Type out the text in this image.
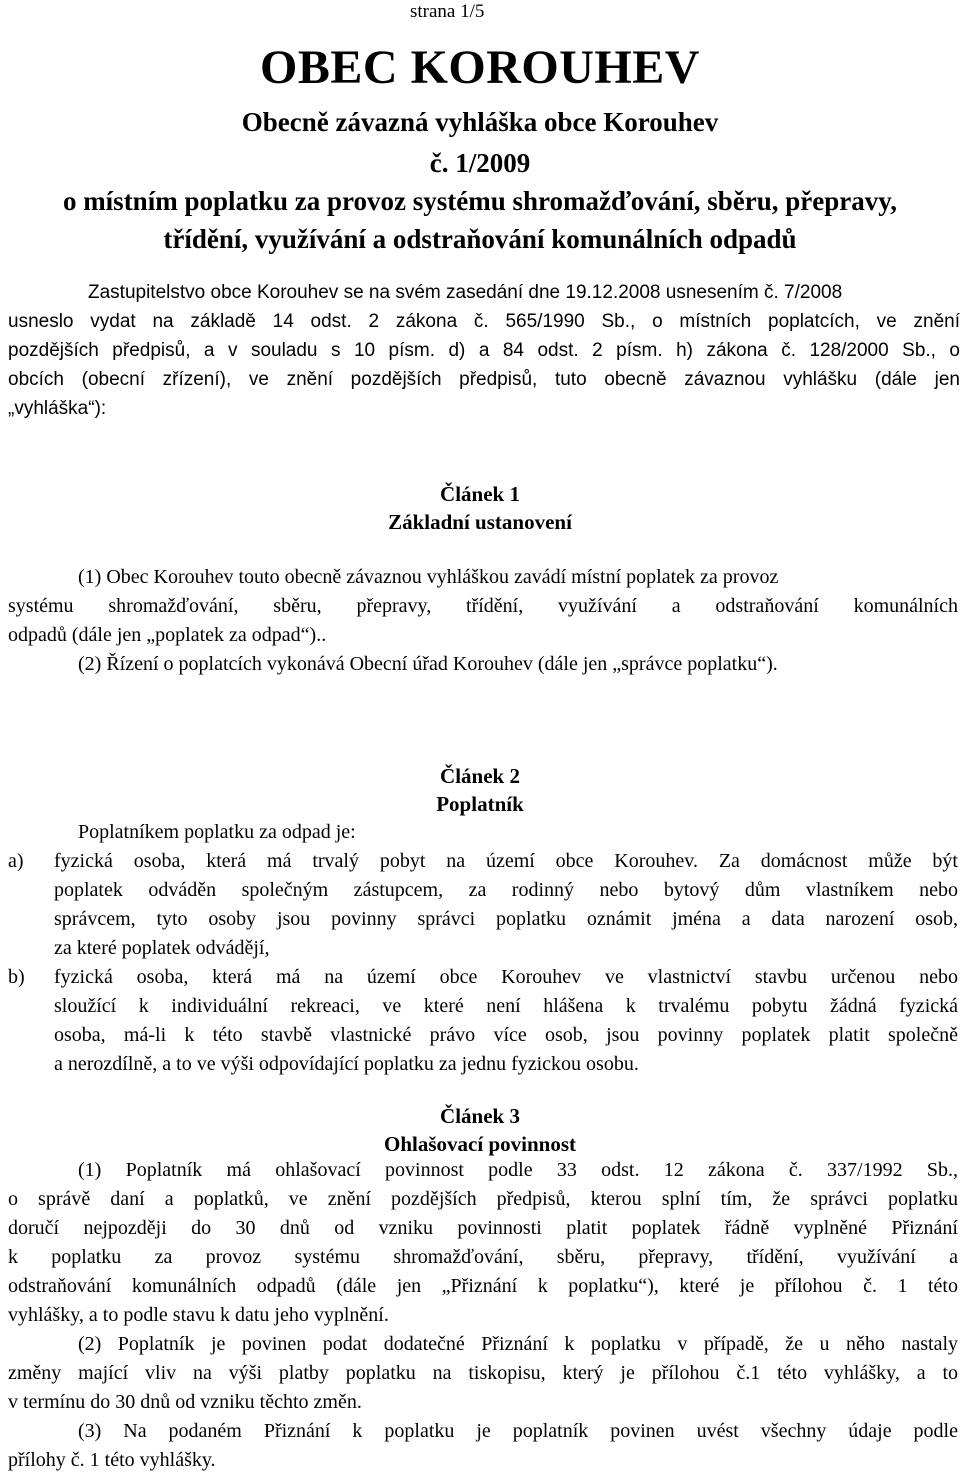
strana 1/5
OBEC KOROUHEV
Obecně závazná vyhláška obce Korouhev
č. 1/2009
o místním poplatku za provoz systému shromažďování, sběru, přepravy,
třídění, využívání a odstraňování komunálních odpadů
Zastupitelstvo obce Korouhev se na svém zasedání dne 19.12.2008 usnesením č. 7/2008
usneslo vydat na základě 14 odst. 2 zákona č. 565/1990 Sb., o místních poplatcích, ve znění
pozdějších předpisů, a v souladu s 10 písm. d) a 84 odst. 2 písm. h) zákona č. 128/2000 Sb., o
obcích (obecní zřízení), ve znění pozdějších předpisů, tuto obecně závaznou vyhlášku (dále jen
„vyhláška“):
Článek 1
Základní ustanovení
(1) Obec Korouhev touto obecně závaznou vyhláškou zavádí místní poplatek za provoz
systému shromažďování, sběru, přepravy, třídění, využívání a odstraňování komunálních
odpadů (dále jen „poplatek za odpad“)..
(2) Řízení o poplatcích vykonává Obecní úřad Korouhev (dále jen „správce poplatku“).
Článek 2
Poplatník
Poplatníkem poplatku za odpad je:
a) fyzická osoba, která má trvalý pobyt na území obce Korouhev. Za domácnost může být
poplatek odváděn společným zástupcem, za rodinný nebo bytový dům vlastníkem nebo
správcem, tyto osoby jsou povinny správci poplatku oznámit jména a data narození osob,
za které poplatek odvádějí,
b) fyzická osoba, která má na území obce Korouhev ve vlastnictví stavbu určenou nebo
sloužící k individuální rekreaci, ve které není hlášena k trvalému pobytu žádná fyzická
osoba, má-li k této stavbě vlastnické právo více osob, jsou povinny poplatek platit společně
a nerozdílně, a to ve výši odpovídající poplatku za jednu fyzickou osobu.
Článek 3
Ohlašovací povinnost
(1) Poplatník má ohlašovací povinnost podle 33 odst. 12 zákona č. 337/1992 Sb.,
o správě daní a poplatků, ve znění pozdějších předpisů, kterou splní tím, že správci poplatku
doručí nejpozději do 30 dnů od vzniku povinnosti platit poplatek řádně vyplněné Přiznání
k poplatku za provoz systému shromažďování, sběru, přepravy, třídění, využívání a
odstraňování komunálních odpadů (dále jen „Přiznání k poplatku“), které je přílohou č. 1 této
vyhlášky, a to podle stavu k datu jeho vyplnění.
(2) Poplatník je povinen podat dodatečné Přiznání k poplatku v případě, že u něho nastaly
změny mající vliv na výši platby poplatku na tiskopisu, který je přílohou č.1 této vyhlášky, a to
v termínu do 30 dnů od vzniku těchto změn.
(3) Na podaném Přiznání k poplatku je poplatník povinen uvést všechny údaje podle
přílohy č. 1 této vyhlášky.
